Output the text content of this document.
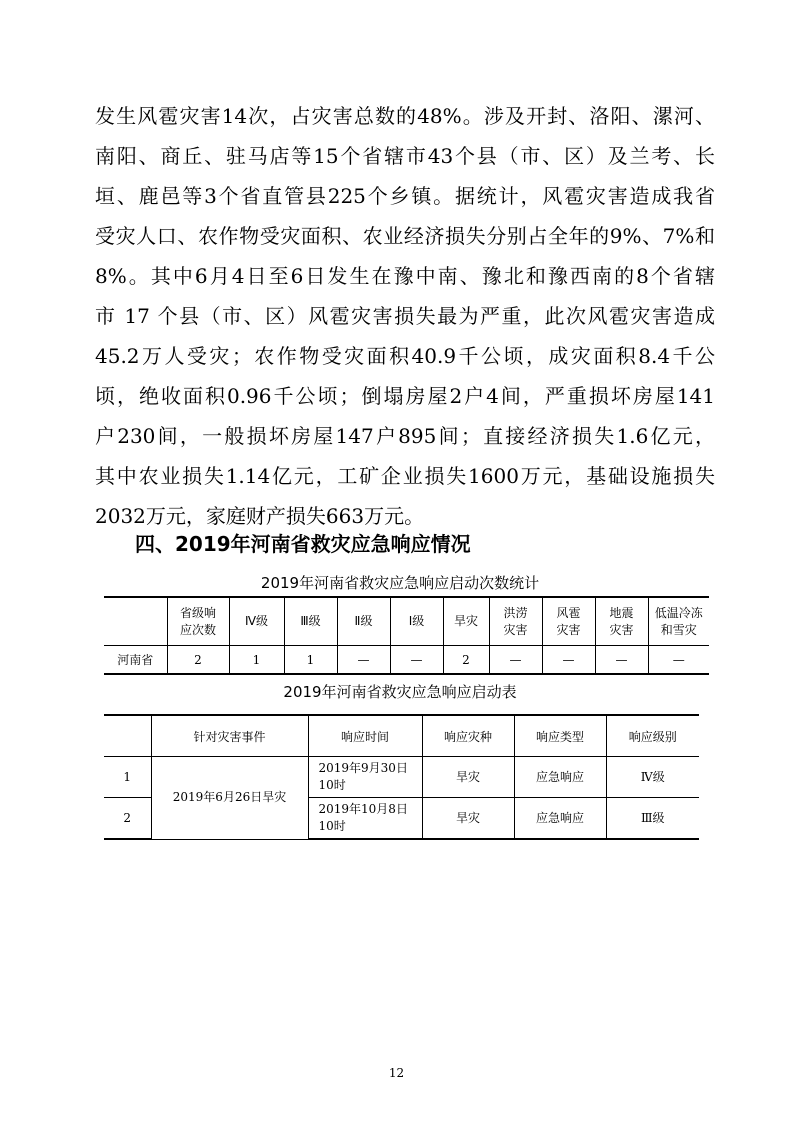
发生风雹灾害14次，占灾害总数的48%。涉及开封、洛阳、漯河、
南阳、商丘、驻马店等15个省辖市43个县（市、区）及兰考、长
垣、鹿邑等3个省直管县225个乡镇。据统计，风雹灾害造成我省
受灾人口、农作物受灾面积、农业经济损失分别占全年的9%、7%和
8%。其中6月4日至6日发生在豫中南、豫北和豫西南的8个省辖
市 17 个县（市、区）风雹灾害损失最为严重，此次风雹灾害造成
45.2万人受灾；农作物受灾面积40.9千公顷，成灾面积8.4千公
顷，绝收面积0.96千公顷；倒塌房屋2户4间，严重损坏房屋141
户230间，一般损坏房屋147户895间；直接经济损失1.6亿元，
其中农业损失1.14亿元，工矿企业损失1600万元，基础设施损失
2032万元，家庭财产损失663万元。
四、2019年河南省救灾应急响应情况

2019年河南省救灾应急响应启动次数统计

	省级响
应次数	Ⅳ级	Ⅲ级	Ⅱ级	Ⅰ级	旱灾	洪涝
灾害	风雹
灾害	地震
灾害	低温冷冻
和雪灾
河南省	2	1	1	—	—	2	—	—	—	—

2019年河南省救灾应急响应启动表

	针对灾害事件	响应时间	响应灾种	响应类型	响应级别
1	2019年6月26日旱灾	2019年9月30日
10时	旱灾	应急响应	Ⅳ级
2		2019年10月8日
10时	旱灾	应急响应	Ⅲ级
12
